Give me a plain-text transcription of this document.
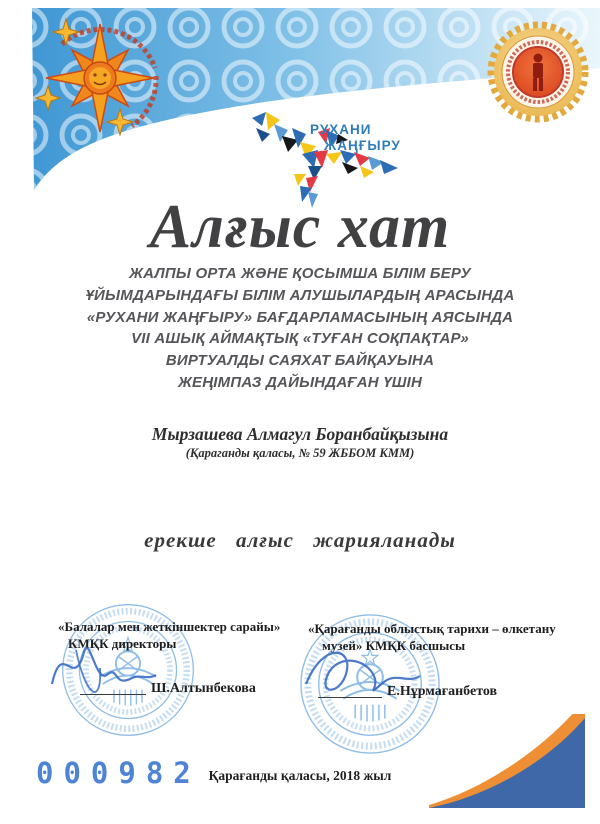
РУХАНИ
ЖАҢҒЫРУ
Алғыс хат
ЖАЛПЫ ОРТА ЖӘНЕ ҚОСЫМША БІЛІМ БЕРУ
ҰЙЫМДАРЫНДАҒЫ БІЛІМ АЛУШЫЛАРДЫҢ АРАСЫНДА
«РУХАНИ ЖАҢҒЫРУ» БАҒДАРЛАМАСЫНЫҢ АЯСЫНДА
VII АШЫҚ АЙМАҚТЫҚ «ТУҒАН СОҚПАҚТАР»
ВИРТУАЛДЫ САЯХАТ БАЙҚАУЫНА
ЖЕҢІМПАЗ ДАЙЫНДАҒАН ҮШІН
Мырзашева Алмагул Боранбайқызына
(Қараганды қаласы, № 59 ЖББОМ КММ)
ерекше алғыс жарияланады
«Балалар мен жеткіншектер сарайы»
КМҚК директоры
Ш.Алтынбекова
«Қарағанды облыстық тарихи – өлкетану
музей» КМҚК басшысы
Е.Нұрмағанбетов
000982 Қарағанды қаласы, 2018 жыл
